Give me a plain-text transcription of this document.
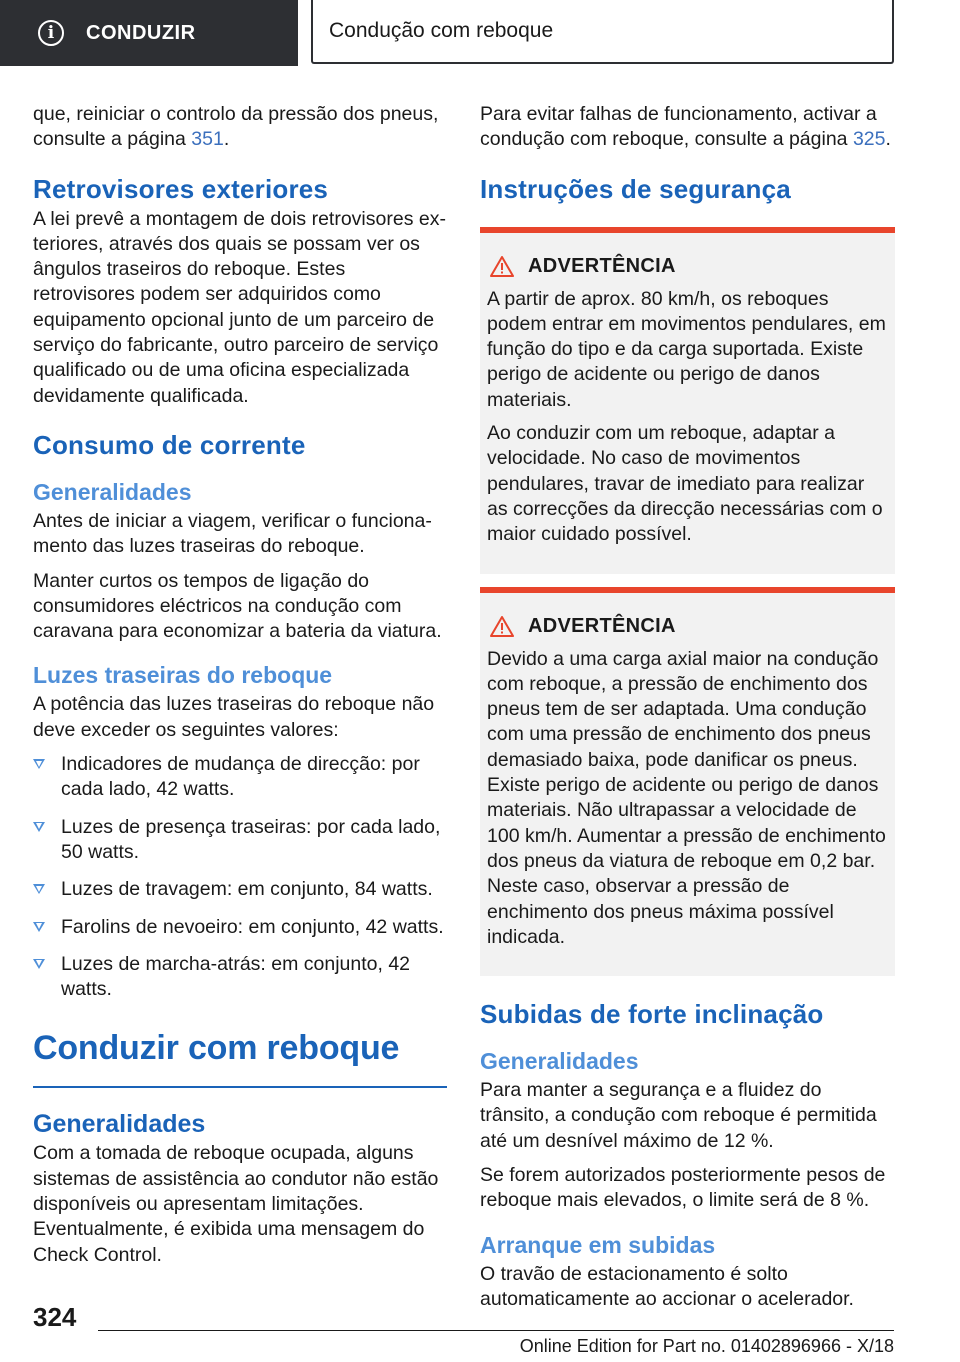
i	CONDUZIR	Condução com reboque

que, reiniciar o controlo da pressão dos pneus, consulte a página 351.

Retrovisores exteriores

A lei prevê a montagem de dois retrovisores exteriores, através dos quais se possam ver os ângulos traseiros do reboque. Estes retrovisores podem ser adquiridos como equipamento opcional junto de um parceiro de serviço do fabricante, outro parceiro de serviço qualificado ou de uma oficina especializada devidamente qualificada.

Consumo de corrente
Generalidades

Antes de iniciar a viagem, verificar o funcionamento das luzes traseiras do reboque.

Manter curtos os tempos de ligação do consumidores eléctricos na condução com caravana para economizar a bateria da viatura.

Luzes traseiras do reboque

A potência das luzes traseiras do reboque não deve exceder os seguintes valores:

Indicadores de mudança de direcção: por cada lado, 42 watts.
Luzes de presença traseiras: por cada lado, 50 watts.
Luzes de travagem: em conjunto, 84 watts.
Farolins de nevoeiro: em conjunto, 42 watts.
Luzes de marcha-atrás: em conjunto, 42 watts.
Conduzir com reboque
Generalidades

Com a tomada de reboque ocupada, alguns sistemas de assistência ao condutor não estão disponíveis ou apresentam limitações. Eventualmente, é exibida uma mensagem do Check Control.

Para evitar falhas de funcionamento, activar a condução com reboque, consulte a página 325.

Instruções de segurança
ADVERTÊNCIA

A partir de aprox. 80 km/h, os reboques podem entrar em movimentos pendulares, em função do tipo e da carga suportada. Existe perigo de acidente ou perigo de danos materiais.

Ao conduzir com um reboque, adaptar a velocidade. No caso de movimentos pendulares, travar de imediato para realizar as correcções da direcção necessárias com o maior cuidado possível.

ADVERTÊNCIA

Devido a uma carga axial maior na condução com reboque, a pressão de enchimento dos pneus tem de ser adaptada. Uma condução com uma pressão de enchimento dos pneus demasiado baixa, pode danificar os pneus. Existe perigo de acidente ou perigo de danos materiais. Não ultrapassar a velocidade de 100 km/h. Aumentar a pressão de enchimento dos pneus da viatura de reboque em 0,2 bar. Neste caso, observar a pressão de enchimento dos pneus máxima possível indicada.

Subidas de forte inclinação
Generalidades

Para manter a segurança e a fluidez do trânsito, a condução com reboque é permitida até um desnível máximo de 12 %.

Se forem autorizados posteriormente pesos de reboque mais elevados, o limite será de 8 %.

Arranque em subidas

O travão de estacionamento é solto automaticamente ao accionar o acelerador.

324
Online Edition for Part no. 01402896966 - X/18
